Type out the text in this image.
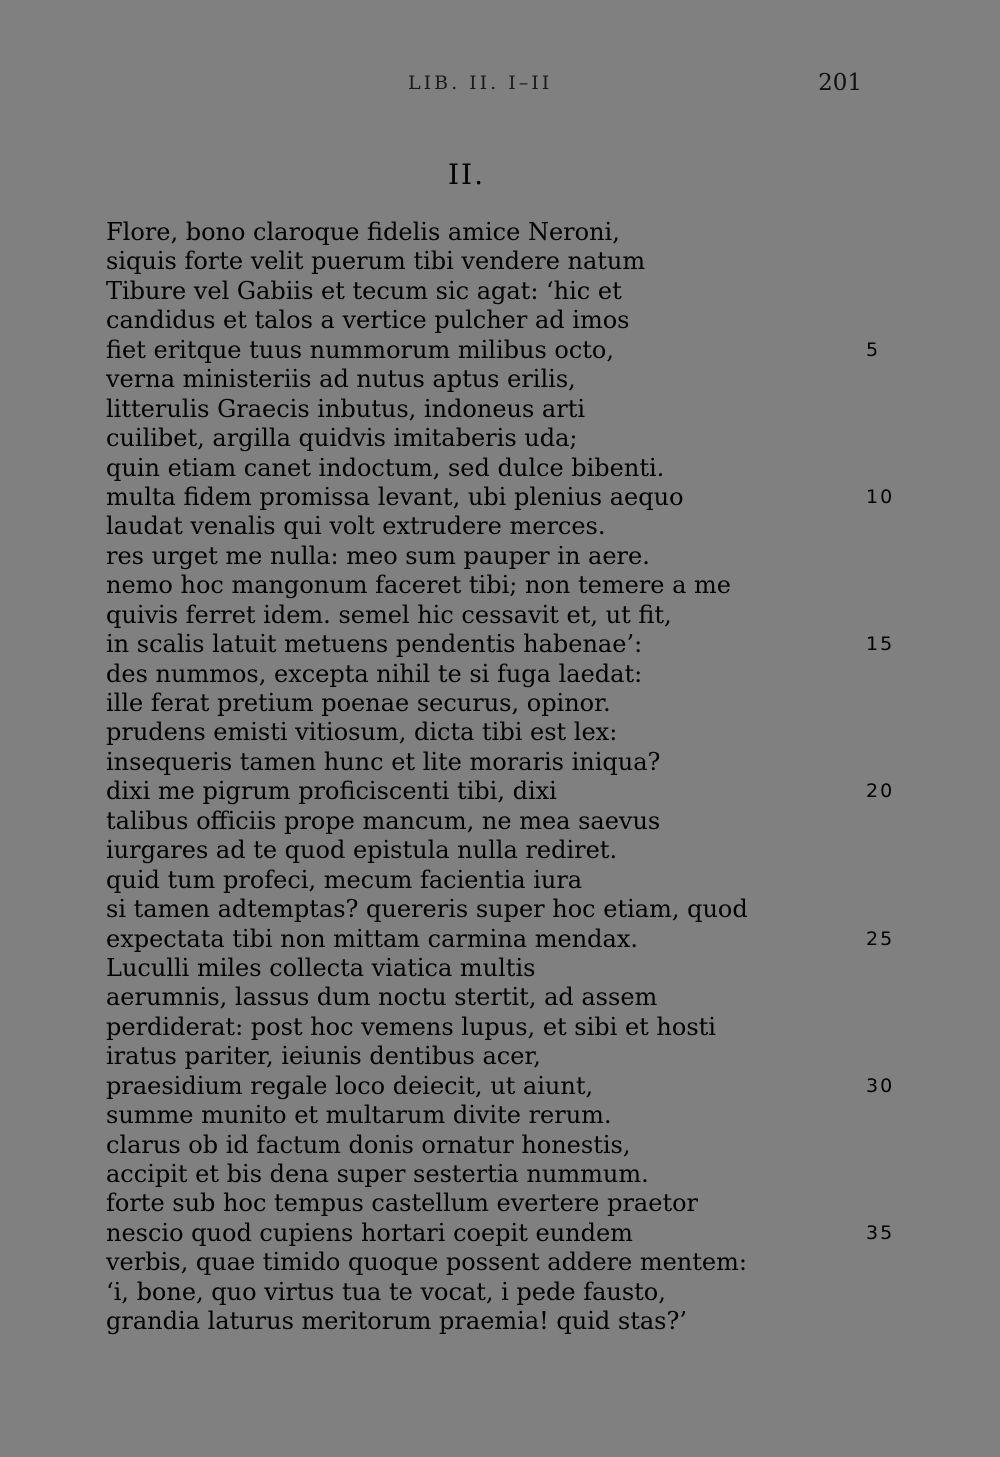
LIB. II. I–II	201
II.
Flore, bono claroque fidelis amice Neroni,
siquis forte velit puerum tibi vendere natum
Tibure vel Gabiis et tecum sic agat: ‘hic et
candidus et talos a vertice pulcher ad imos
fiet eritque tuus nummorum milibus octo,	5
verna ministeriis ad nutus aptus erilis,
litterulis Graecis inbutus, indoneus arti
cuilibet, argilla quidvis imitaberis uda;
quin etiam canet indoctum, sed dulce bibenti.
multa fidem promissa levant, ubi plenius aequo	10
laudat venalis qui volt extrudere merces.
res urget me nulla: meo sum pauper in aere.
nemo hoc mangonum faceret tibi; non temere a me
quivis ferret idem. semel hic cessavit et, ut fit,
in scalis latuit metuens pendentis habenae’:	15
des nummos, excepta nihil te si fuga laedat:
ille ferat pretium poenae securus, opinor.
prudens emisti vitiosum, dicta tibi est lex:
insequeris tamen hunc et lite moraris iniqua?
dixi me pigrum proficiscenti tibi, dixi	20
talibus officiis prope mancum, ne mea saevus
iurgares ad te quod epistula nulla rediret.
quid tum profeci, mecum facientia iura
si tamen adtemptas? quereris super hoc etiam, quod
expectata tibi non mittam carmina mendax.	25
Luculli miles collecta viatica multis
aerumnis, lassus dum noctu stertit, ad assem
perdiderat: post hoc vemens lupus, et sibi et hosti
iratus pariter, ieiunis dentibus acer,
praesidium regale loco deiecit, ut aiunt,	30
summe munito et multarum divite rerum.
clarus ob id factum donis ornatur honestis,
accipit et bis dena super sestertia nummum.
forte sub hoc tempus castellum evertere praetor
nescio quod cupiens hortari coepit eundem	35
verbis, quae timido quoque possent addere mentem:
‘i, bone, quo virtus tua te vocat, i pede fausto,
grandia laturus meritorum praemia! quid stas?’
